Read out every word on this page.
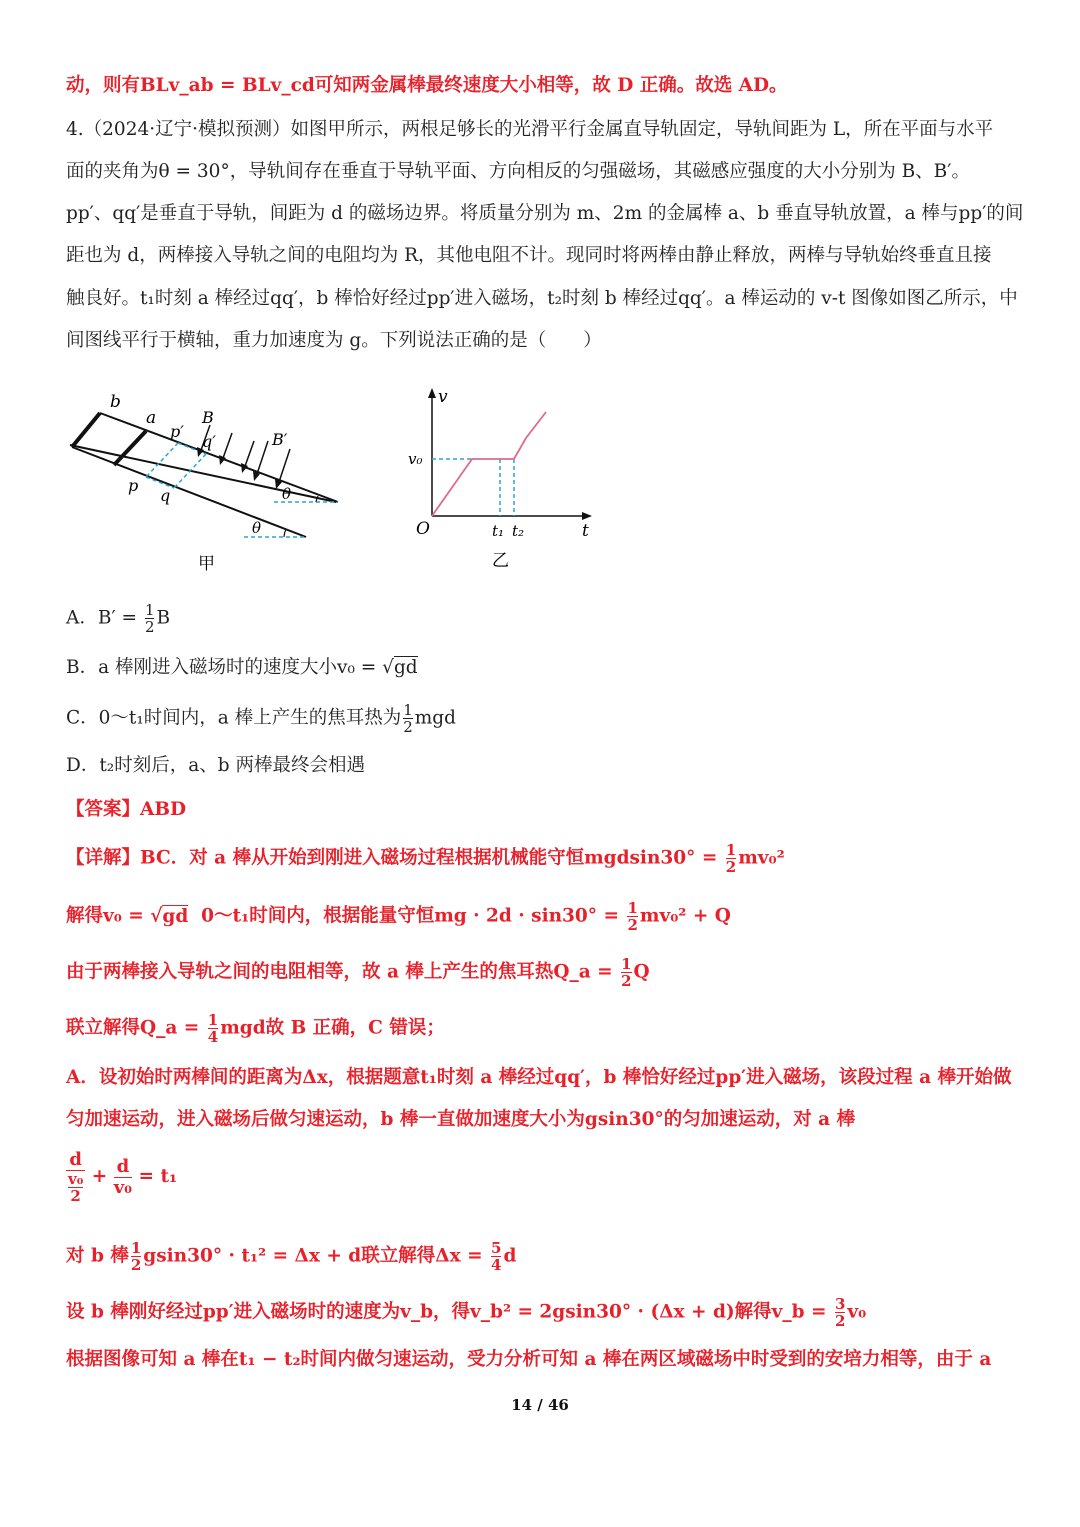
动，则有BLv_ab = BLv_cd可知两金属棒最终速度大小相等，故 D 正确。故选 AD。
4.（2024·辽宁·模拟预测）如图甲所示，两根足够长的光滑平行金属直导轨固定，导轨间距为 L，所在平面与水平
面的夹角为θ = 30°，导轨间存在垂直于导轨平面、方向相反的匀强磁场，其磁感应强度的大小分别为 B、B′。
pp′、qq′是垂直于导轨，间距为 d 的磁场边界。将质量分别为 m、2m 的金属棒 a、b 垂直导轨放置，a 棒与pp′的间
距也为 d，两棒接入导轨之间的电阻均为 R，其他电阻不计。现同时将两棒由静止释放，两棒与导轨始终垂直且接
触良好。t₁时刻 a 棒经过qq′，b 棒恰好经过pp′进入磁场，t₂时刻 b 棒经过qq′。a 棒运动的 v-t 图像如图乙所示，中
间图线平行于横轴，重力加速度为 g。下列说法正确的是（　　）
b
a
p′
q′
B
B′
p
q	θ
θ
甲
v
v₀
O	t₁ t₂	t
乙
A．$B' = \frac{1}{2}$ B
B．a 棒刚进入磁场时的速度大小v₀ = √gd
C．0～t₁时间内，a 棒上产生的焦耳热为 $\frac{1}{2}$ mgd
D．t₂时刻后，a、b 两棒最终会相遇
【答案】ABD
【详解】BC．对 a 棒从开始到刚进入磁场过程根据机械能守恒$mgdsin30^\circ = \frac{1}{2} mv_0^2$
解得v₀ = √gd  0～t₁时间内，根据能量守恒mg · $2d \cdot \sin 30^\circ = \frac{1}{2} mv_0^2 + Q$
由于两棒接入导轨之间的电阻相等，故 a 棒上产生的焦耳热Q_a = $\frac{1}{2}$ Q
联立解得Q_a = $\frac{1}{4}$ mgd故 B 正确，C 错误；
A．设初始时两棒间的距离为Δx，根据题意t₁时刻 a 棒经过qq′，b 棒恰好经过pp′进入磁场，该段过程 a 棒开始做
匀加速运动，进入磁场后做匀速运动，b 棒一直做加速度大小为gsin30°的匀加速运动，对 a 棒
$\frac{d}{\frac{\text{v₀}}{2}} + \frac{d}{\text{v₀}} = t_1$
对 b 棒 $\frac{1}{2} gsin30^\circ \cdot t_1^2 = \Delta x + d$联立解得$\Delta x = \frac{5}{4}$ d
设 b 棒刚好经过pp′进入磁场时的速度为v_b，得v_b² = 2gsin30° · (Δx + d)解得v_b = $\frac{3}{2} v_0$
根据图像可知 a 棒在t₁ − t₂时间内做匀速运动，受力分析可知 a 棒在两区域磁场中时受到的安培力相等，由于 a
14 / 46
